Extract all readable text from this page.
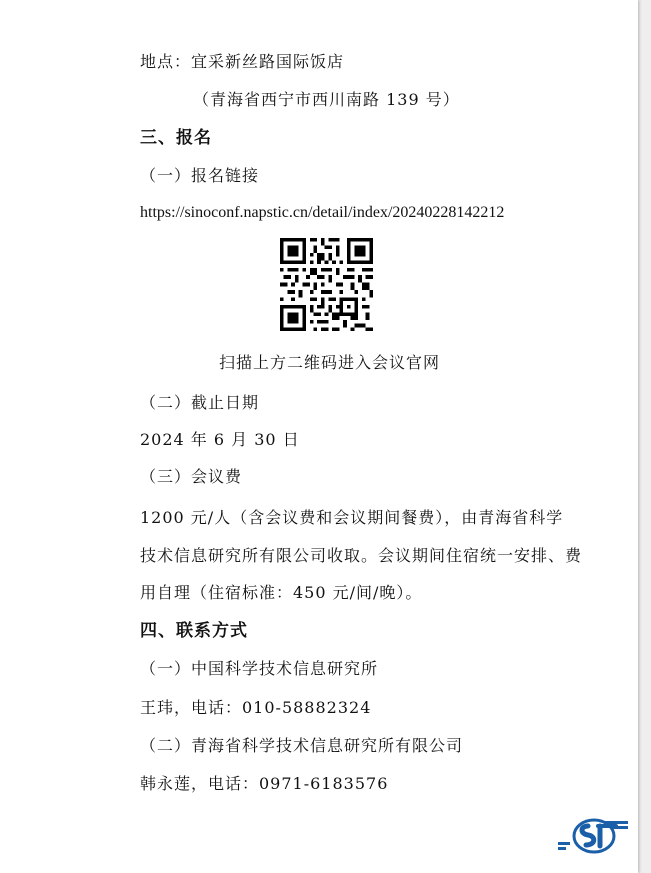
地点：宜采新丝路国际饭店
（青海省西宁市西川南路 139 号）
三、报名
（一）报名链接
https://sinoconf.napstic.cn/detail/index/20240228142212
扫描上方二维码进入会议官网
（二）截止日期
2024 年 6 月 30 日
（三）会议费
1200 元/人（含会议费和会议期间餐费），由青海省科学
技术信息研究所有限公司收取。会议期间住宿统一安排、费
用自理（住宿标准：450 元/间/晚）。
四、联系方式
（一）中国科学技术信息研究所
王玮，电话：010-58882324
（二）青海省科学技术信息研究所有限公司
韩永莲，电话：0971-6183576
